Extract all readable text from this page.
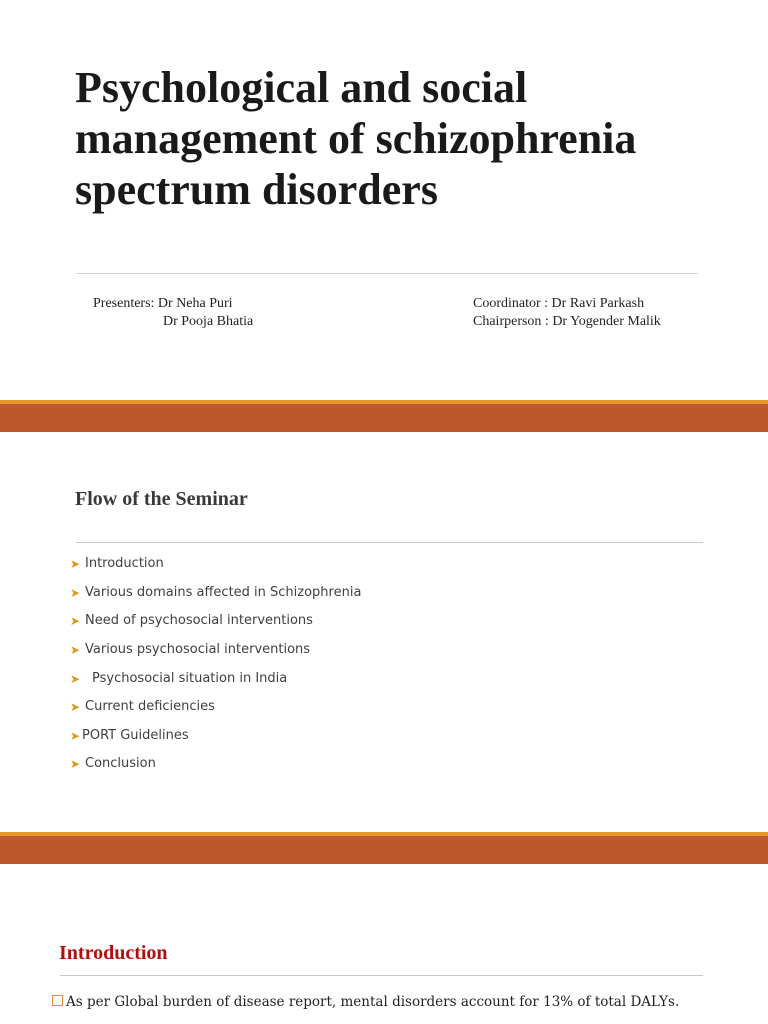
Psychological and social
management of schizophrenia
spectrum disorders
Presenters: Dr Neha Puri
Dr Pooja Bhatia
Coordinator : Dr Ravi Parkash
Chairperson : Dr Yogender Malik
Flow of the Seminar
➤ Introduction
➤ Various domains affected in Schizophrenia
➤ Need of psychosocial interventions
➤ Various psychosocial interventions
➤ Psychosocial situation in India
➤ Current deficiencies
➤ PORT Guidelines
➤ Conclusion
Introduction
As per Global burden of disease report, mental disorders account for 13% of total DALYs.
